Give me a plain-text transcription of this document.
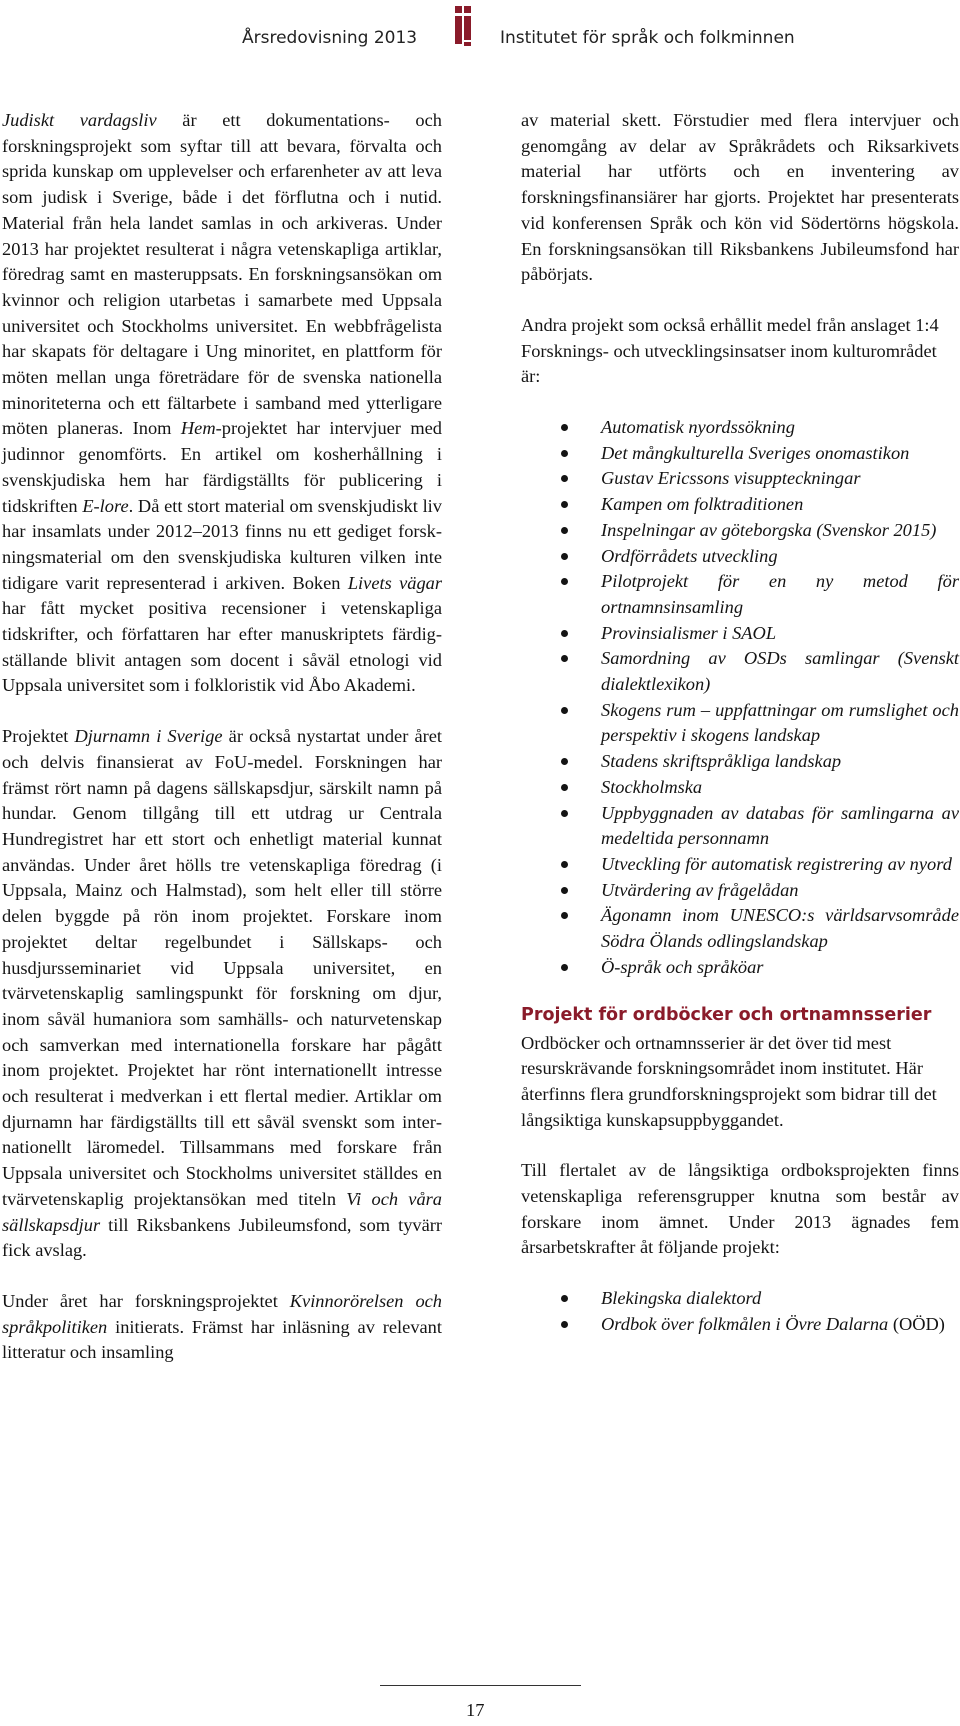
Årsredovisning 2013	Institutet för språk och folkminnen

Judiskt vardagsliv är ett dokumentations- och forskningsprojekt som syftar till att bevara, förvalta och sprida kunskap om upplevelser och erfarenheter av att leva som judisk i Sverige, både i det förflutna och i nutid. Material från hela landet samlas in och arkiveras. Under 2013 har projektet resulterat i några vetenskapliga artiklar, föredrag samt en masteruppsats. En forskningsansökan om kvinnor och religion utarbetas i samarbete med Uppsala universitet och Stockholms universitet. En webbfrågelista har skapats för deltagare i Ung minoritet, en plattform för möten mellan unga företrädare för de svenska nationella minoriteterna och ett fältarbete i samband med ytterligare möten planeras. Inom Hem-projektet har intervjuer med judinnor genomförts. En artikel om kosherhållning i svenskjudiska hem har färdigställts för publicering i tidskriften E-lore. Då ett stort material om svenskjudiskt liv har insamlats under 2012–2013 finns nu ett gediget forskningsmaterial om den svenskjudiska kulturen vilken inte tidigare varit representerad i arkiven. Boken Livets vägar har fått mycket positiva recensioner i vetenskapliga tidskrifter, och författaren har efter manuskriptets färdigställande blivit antagen som docent i såväl etnologi vid Uppsala universitet som i folkloristik vid Åbo Akademi.

Projektet Djurnamn i Sverige är också nystartat under året och delvis finansierat av FoU-medel. Forskningen har främst rört namn på dagens sällskapsdjur, särskilt namn på hundar. Genom tillgång till ett utdrag ur Centrala Hundregistret har ett stort och enhetligt material kunnat användas. Under året hölls tre vetenskapliga föredrag (i Uppsala, Mainz och Halmstad), som helt eller till större delen byggde på rön inom projektet. Forskare inom projektet deltar regelbundet i Sällskaps- och husdjursseminariet vid Uppsala universitet, en tvärvetenskaplig samlingspunkt för forskning om djur, inom såväl humaniora som samhälls- och naturvetenskap och samverkan med internationella forskare har pågått inom projektet. Projektet har rönt internationellt intresse och resulterat i medverkan i ett flertal medier. Artiklar om djurnamn har färdigställts till ett såväl svenskt som internationellt läromedel. Tillsammans med forskare från Uppsala universitet och Stockholms universitet ställdes en tvärvetenskaplig projektansökan med titeln Vi och våra sällskapsdjur till Riksbankens Jubileumsfond, som tyvärr fick avslag.

Under året har forskningsprojektet Kvinnorörelsen och språkpolitiken initierats. Främst har inläsning av relevant litteratur och insamling

av material skett. Förstudier med flera intervjuer och genomgång av delar av Språkrådets och Riksarkivets material har utförts och en inventering av forskningsfinansiärer har gjorts. Projektet har presenterats vid konferensen Språk och kön vid Södertörns högskola. En forskningsansökan till Riksbankens Jubileumsfond har påbörjats.

Andra projekt som också erhållit medel från anslaget 1:4 Forsknings- och utvecklingsinsatser inom kulturområdet är:

Automatisk nyordssökning
Det mångkulturella Sveriges onomastikon
Gustav Ericssons visuppteckningar
Kampen om folktraditionen
Inspelningar av göteborgska (Svenskor 2015)
Ordförrådets utveckling
Pilotprojekt för en ny metod för ortnamnsinsamling
Provinsialismer i SAOL
Samordning av OSDs samlingar (Svenskt dialektlexikon)
Skogens rum – uppfattningar om rumslighet och perspektiv i skogens landskap
Stadens skriftspråkliga landskap
Stockholmska
Uppbyggnaden av databas för samlingarna av medeltida personnamn
Utveckling för automatisk registrering av nyord
Utvärdering av frågelådan
Ägonamn inom UNESCO:s världsarvsområde Södra Ölands odlingslandskap
Ö-språk och språköar
Projekt för ordböcker och ortnamnsserier

Ordböcker och ortnamnsserier är det över tid mest resurskrävande forskningsområdet inom institutet. Här återfinns flera grundforskningsprojekt som bidrar till det långsiktiga kunskapsuppbyggandet.

Till flertalet av de långsiktiga ordboksprojekten finns vetenskapliga referensgrupper knutna som består av forskare inom ämnet. Under 2013 ägnades fem årsarbetskrafter åt följande projekt:

Blekingska dialektord
Ordbok över folkmålen i Övre Dalarna (OÖD)
17
